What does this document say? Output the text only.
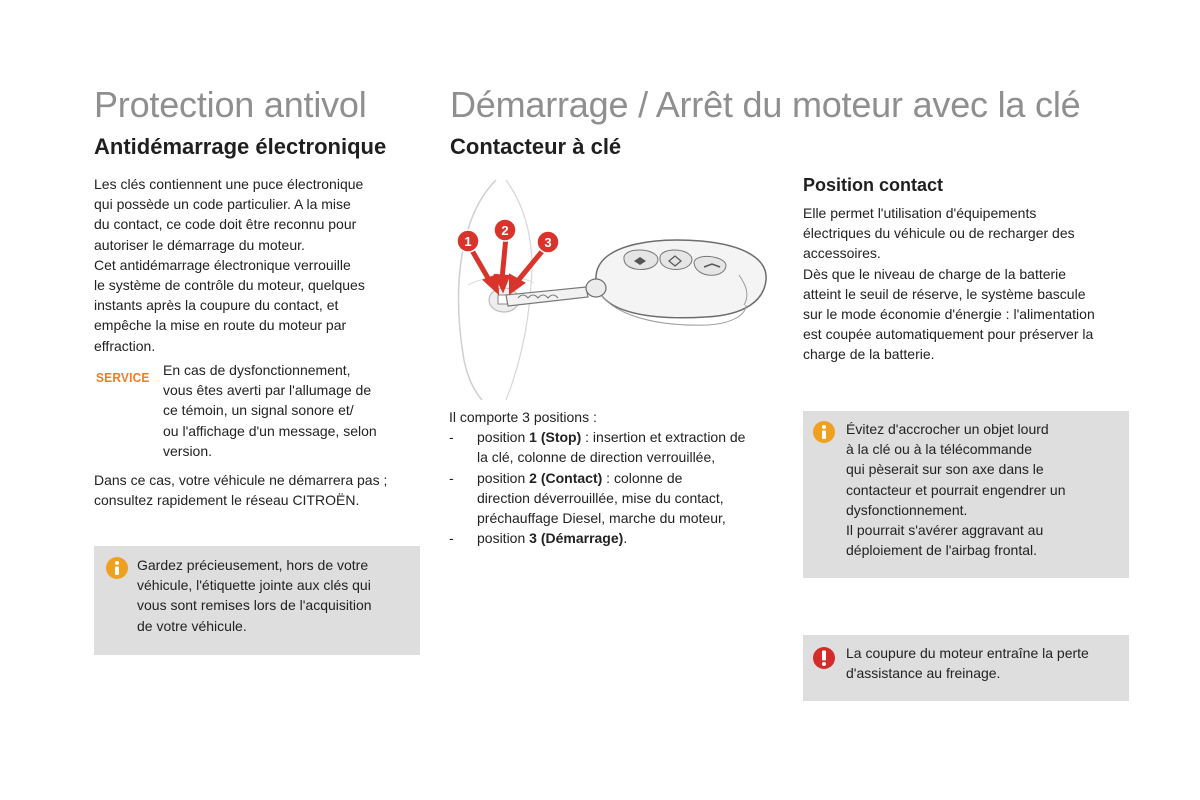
Protection antivol
Antidémarrage électronique
Les clés contiennent une puce électronique
qui possède un code particulier. A la mise
du contact, ce code doit être reconnu pour
autoriser le démarrage du moteur.
Cet antidémarrage électronique verrouille
le système de contrôle du moteur, quelques
instants après la coupure du contact, et
empêche la mise en route du moteur par
effraction.
SERVICE En cas de dysfonctionnement,
vous êtes averti par l'allumage de
ce témoin, un signal sonore et/
ou l'affichage d'un message, selon
version.
Dans ce cas, votre véhicule ne démarrera pas ;
consultez rapidement le réseau CITROËN.
Gardez précieusement, hors de votre
véhicule, l'étiquette jointe aux clés qui
vous sont remises lors de l'acquisition
de votre véhicule.
Démarrage / Arrêt du moteur avec la clé
Contacteur à clé
1
2
3
Il comporte 3 positions :
- position 1 (Stop) : insertion et extraction de
la clé, colonne de direction verrouillée,
- position 2 (Contact) : colonne de
direction déverrouillée, mise du contact,
préchauffage Diesel, marche du moteur,
- position 3 (Démarrage).
Position contact
Elle permet l'utilisation d'équipements
électriques du véhicule ou de recharger des
accessoires.
Dès que le niveau de charge de la batterie
atteint le seuil de réserve, le système bascule
sur le mode économie d'énergie : l'alimentation
est coupée automatiquement pour préserver la
charge de la batterie.
Évitez d'accrocher un objet lourd
à la clé ou à la télécommande
qui pèserait sur son axe dans le
contacteur et pourrait engendrer un
dysfonctionnement.
Il pourrait s'avérer aggravant au
déploiement de l'airbag frontal.
La coupure du moteur entraîne la perte
d'assistance au freinage.
